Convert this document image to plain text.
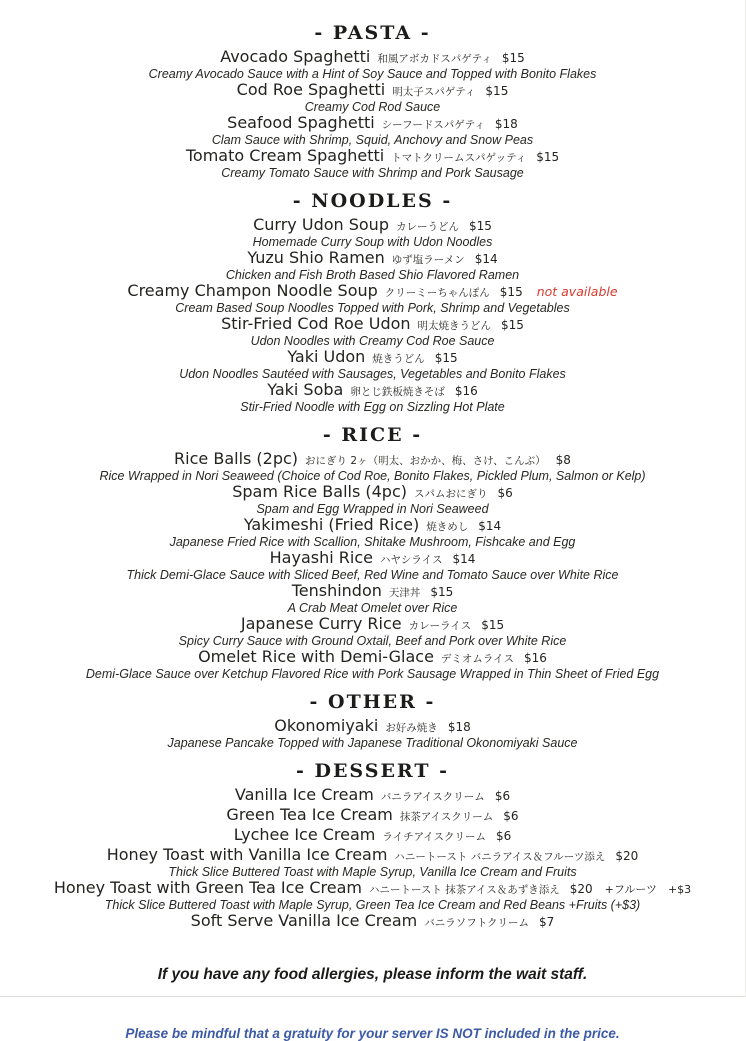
- PASTA -
Avocado Spaghetti 和風アボカドスパゲティ $15
Creamy Avocado Sauce with a Hint of Soy Sauce and Topped with Bonito Flakes
Cod Roe Spaghetti 明太子スパゲティ $15
Creamy Cod Rod Sauce
Seafood Spaghetti シーフードスパゲティ $18
Clam Sauce with Shrimp, Squid, Anchovy and Snow Peas
Tomato Cream Spaghetti トマトクリームスパゲッティ $15
Creamy Tomato Sauce with Shrimp and Pork Sausage
- NOODLES -
Curry Udon Soup カレーうどん $15
Homemade Curry Soup with Udon Noodles
Yuzu Shio Ramen ゆず塩ラーメン $14
Chicken and Fish Broth Based Shio Flavored Ramen
Creamy Champon Noodle Soup クリーミーちゃんぽん $15 not available
Cream Based Soup Noodles Topped with Pork, Shrimp and Vegetables
Stir-Fried Cod Roe Udon 明太焼きうどん $15
Udon Noodles with Creamy Cod Roe Sauce
Yaki Udon 焼きうどん $15
Udon Noodles Sautéed with Sausages, Vegetables and Bonito Flakes
Yaki Soba 卵とじ鉄板焼きそば $16
Stir-Fried Noodle with Egg on Sizzling Hot Plate
- RICE -
Rice Balls (2pc) おにぎり 2ヶ（明太、おかか、梅、さけ、こんぶ） $8
Rice Wrapped in Nori Seaweed (Choice of Cod Roe, Bonito Flakes, Pickled Plum, Salmon or Kelp)
Spam Rice Balls (4pc) スパムおにぎり $6
Spam and Egg Wrapped in Nori Seaweed
Yakimeshi (Fried Rice) 焼きめし $14
Japanese Fried Rice with Scallion, Shitake Mushroom, Fishcake and Egg
Hayashi Rice ハヤシライス $14
Thick Demi-Glace Sauce with Sliced Beef, Red Wine and Tomato Sauce over White Rice
Tenshindon 天津丼 $15
A Crab Meat Omelet over Rice
Japanese Curry Rice カレーライス $15
Spicy Curry Sauce with Ground Oxtail, Beef and Pork over White Rice
Omelet Rice with Demi-Glace デミオムライス $16
Demi-Glace Sauce over Ketchup Flavored Rice with Pork Sausage Wrapped in Thin Sheet of Fried Egg
- OTHER -
Okonomiyaki お好み焼き $18
Japanese Pancake Topped with Japanese Traditional Okonomiyaki Sauce
- DESSERT -
Vanilla Ice Cream バニラアイスクリーム $6
Green Tea Ice Cream 抹茶アイスクリーム $6
Lychee Ice Cream ライチアイスクリーム $6
Honey Toast with Vanilla Ice Cream ハニートースト バニラアイス＆フルーツ添え $20
Thick Slice Buttered Toast with Maple Syrup, Vanilla Ice Cream and Fruits
Honey Toast with Green Tea Ice Cream ハニートースト 抹茶アイス＆あずき添え $20 +フルーツ　+$3
Thick Slice Buttered Toast with Maple Syrup, Green Tea Ice Cream and Red Beans +Fruits (+$3)
Soft Serve Vanilla Ice Cream バニラソフトクリーム $7
If you have any food allergies, please inform the wait staff.
Please be mindful that a gratuity for your server IS NOT included in the price.
